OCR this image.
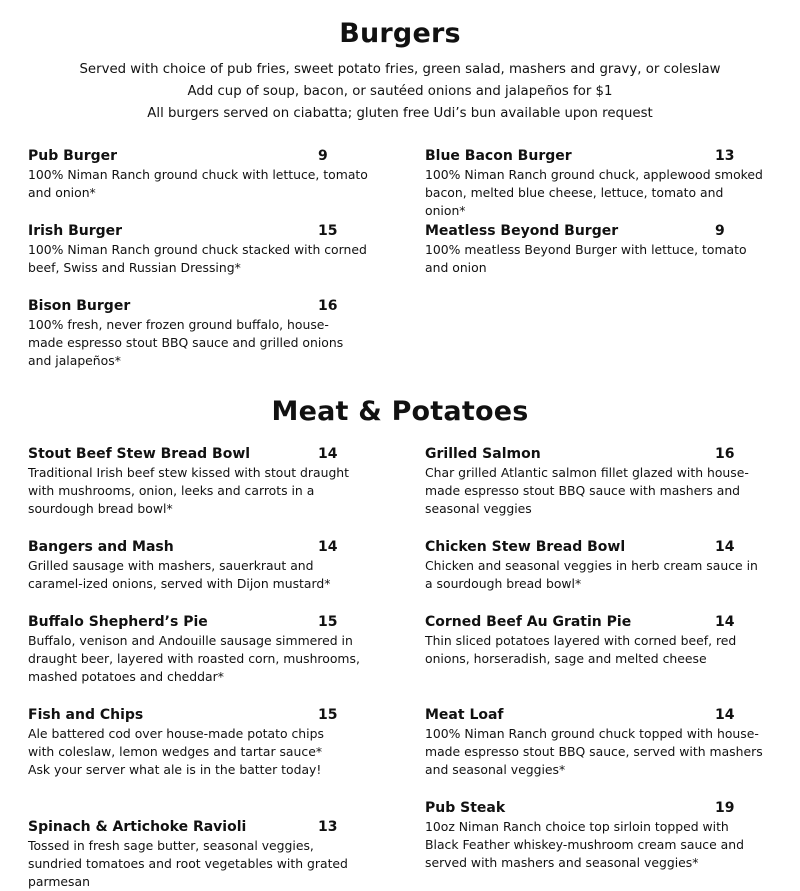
Burgers
Served with choice of pub fries, sweet potato fries, green salad, mashers and gravy, or coleslaw
Add cup of soup, bacon, or sautéed onions and jalapeños for $1
All burgers served on ciabatta; gluten free Udi’s bun available upon request
Pub Burger	9

100% Niman Ranch ground chuck with lettuce, tomato and onion*

Irish Burger	15

100% Niman Ranch ground chuck stacked with corned beef, Swiss and Russian Dressing*

Bison Burger	16

100% fresh, never frozen ground buffalo, house-made espresso stout BBQ sauce and grilled onions and jalapeños*

Blue Bacon Burger	13

100% Niman Ranch ground chuck, applewood smoked bacon, melted blue cheese, lettuce, tomato and onion*

Meatless Beyond Burger	9

100% meatless Beyond Burger with lettuce, tomato and onion

Meat & Potatoes
Stout Beef Stew Bread Bowl	14

Traditional Irish beef stew kissed with stout draught with mushrooms, onion, leeks and carrots in a sourdough bread bowl*

Bangers and Mash	14

Grilled sausage with mashers, sauerkraut and caramel-ized onions, served with Dijon mustard*

Buffalo Shepherd’s Pie	15

Buffalo, venison and Andouille sausage simmered in draught beer, layered with roasted corn, mushrooms, mashed potatoes and cheddar*

Fish and Chips	15

Ale battered cod over house-made potato chips with coleslaw, lemon wedges and tartar sauce*

Ask your server what ale is in the batter today!
Spinach & Artichoke Ravioli	13

Tossed in fresh sage butter, seasonal veggies, sundried tomatoes and root vegetables with grated parmesan

Grilled Salmon	16

Char grilled Atlantic salmon fillet glazed with house-made espresso stout BBQ sauce with mashers and seasonal veggies

Chicken Stew Bread Bowl	14

Chicken and seasonal veggies in herb cream sauce in a sourdough bread bowl*

Corned Beef Au Gratin Pie	14

Thin sliced potatoes layered with corned beef, red onions, horseradish, sage and melted cheese

Meat Loaf	14

100% Niman Ranch ground chuck topped with house-made espresso stout BBQ sauce, served with mashers and seasonal veggies*

Pub Steak	19

10oz Niman Ranch choice top sirloin topped with Black Feather whiskey-mushroom cream sauce and served with mashers and seasonal veggies*
